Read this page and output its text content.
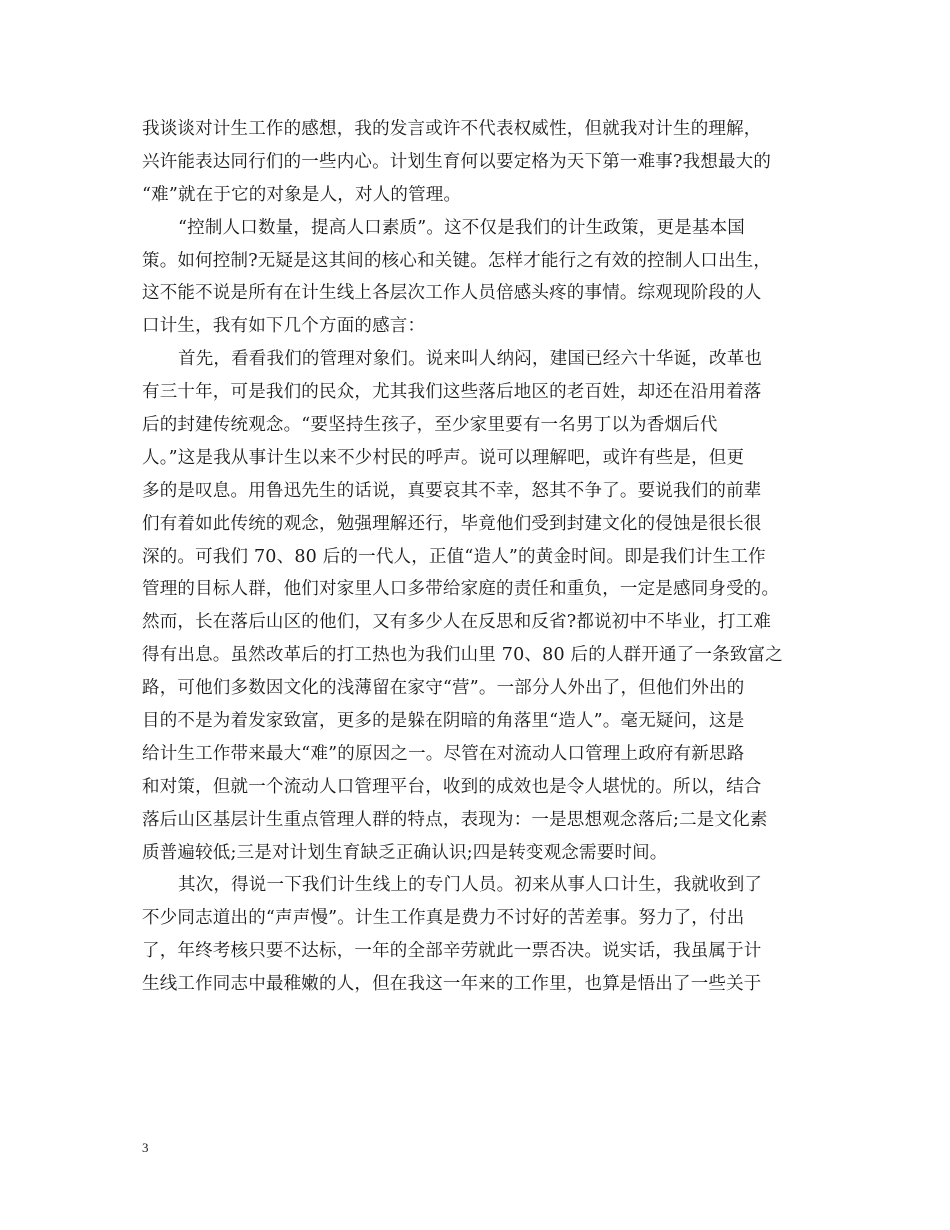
我谈谈对计生工作的感想，我的发言或许不代表权威性，但就我对计生的理解，
兴许能表达同行们的一些内心。计划生育何以要定格为天下第一难事?我想最大的
“难”就在于它的对象是人，对人的管理。
“控制人口数量，提高人口素质”。这不仅是我们的计生政策，更是基本国
策。如何控制?无疑是这其间的核心和关键。怎样才能行之有效的控制人口出生，
这不能不说是所有在计生线上各层次工作人员倍感头疼的事情。综观现阶段的人
口计生，我有如下几个方面的感言：
首先，看看我们的管理对象们。说来叫人纳闷，建国已经六十华诞，改革也
有三十年，可是我们的民众，尤其我们这些落后地区的老百姓，却还在沿用着落
后的封建传统观念。“要坚持生孩子，至少家里要有一名男丁以为香烟后代
人。”这是我从事计生以来不少村民的呼声。说可以理解吧，或许有些是，但更
多的是叹息。用鲁迅先生的话说，真要哀其不幸，怒其不争了。要说我们的前辈
们有着如此传统的观念，勉强理解还行，毕竟他们受到封建文化的侵蚀是很长很
深的。可我们 70、80 后的一代人，正值“造人”的黄金时间。即是我们计生工作
管理的目标人群，他们对家里人口多带给家庭的责任和重负，一定是感同身受的。
然而，长在落后山区的他们，又有多少人在反思和反省?都说初中不毕业，打工难
得有出息。虽然改革后的打工热也为我们山里 70、80 后的人群开通了一条致富之
路，可他们多数因文化的浅薄留在家守“营”。一部分人外出了，但他们外出的
目的不是为着发家致富，更多的是躲在阴暗的角落里“造人”。毫无疑问，这是
给计生工作带来最大“难”的原因之一。尽管在对流动人口管理上政府有新思路
和对策，但就一个流动人口管理平台，收到的成效也是令人堪忧的。所以，结合
落后山区基层计生重点管理人群的特点，表现为：一是思想观念落后;二是文化素
质普遍较低;三是对计划生育缺乏正确认识;四是转变观念需要时间。
其次，得说一下我们计生线上的专门人员。初来从事人口计生，我就收到了
不少同志道出的“声声慢”。计生工作真是费力不讨好的苦差事。努力了，付出
了，年终考核只要不达标，一年的全部辛劳就此一票否决。说实话，我虽属于计
生线工作同志中最稚嫩的人，但在我这一年来的工作里，也算是悟出了一些关于
3
